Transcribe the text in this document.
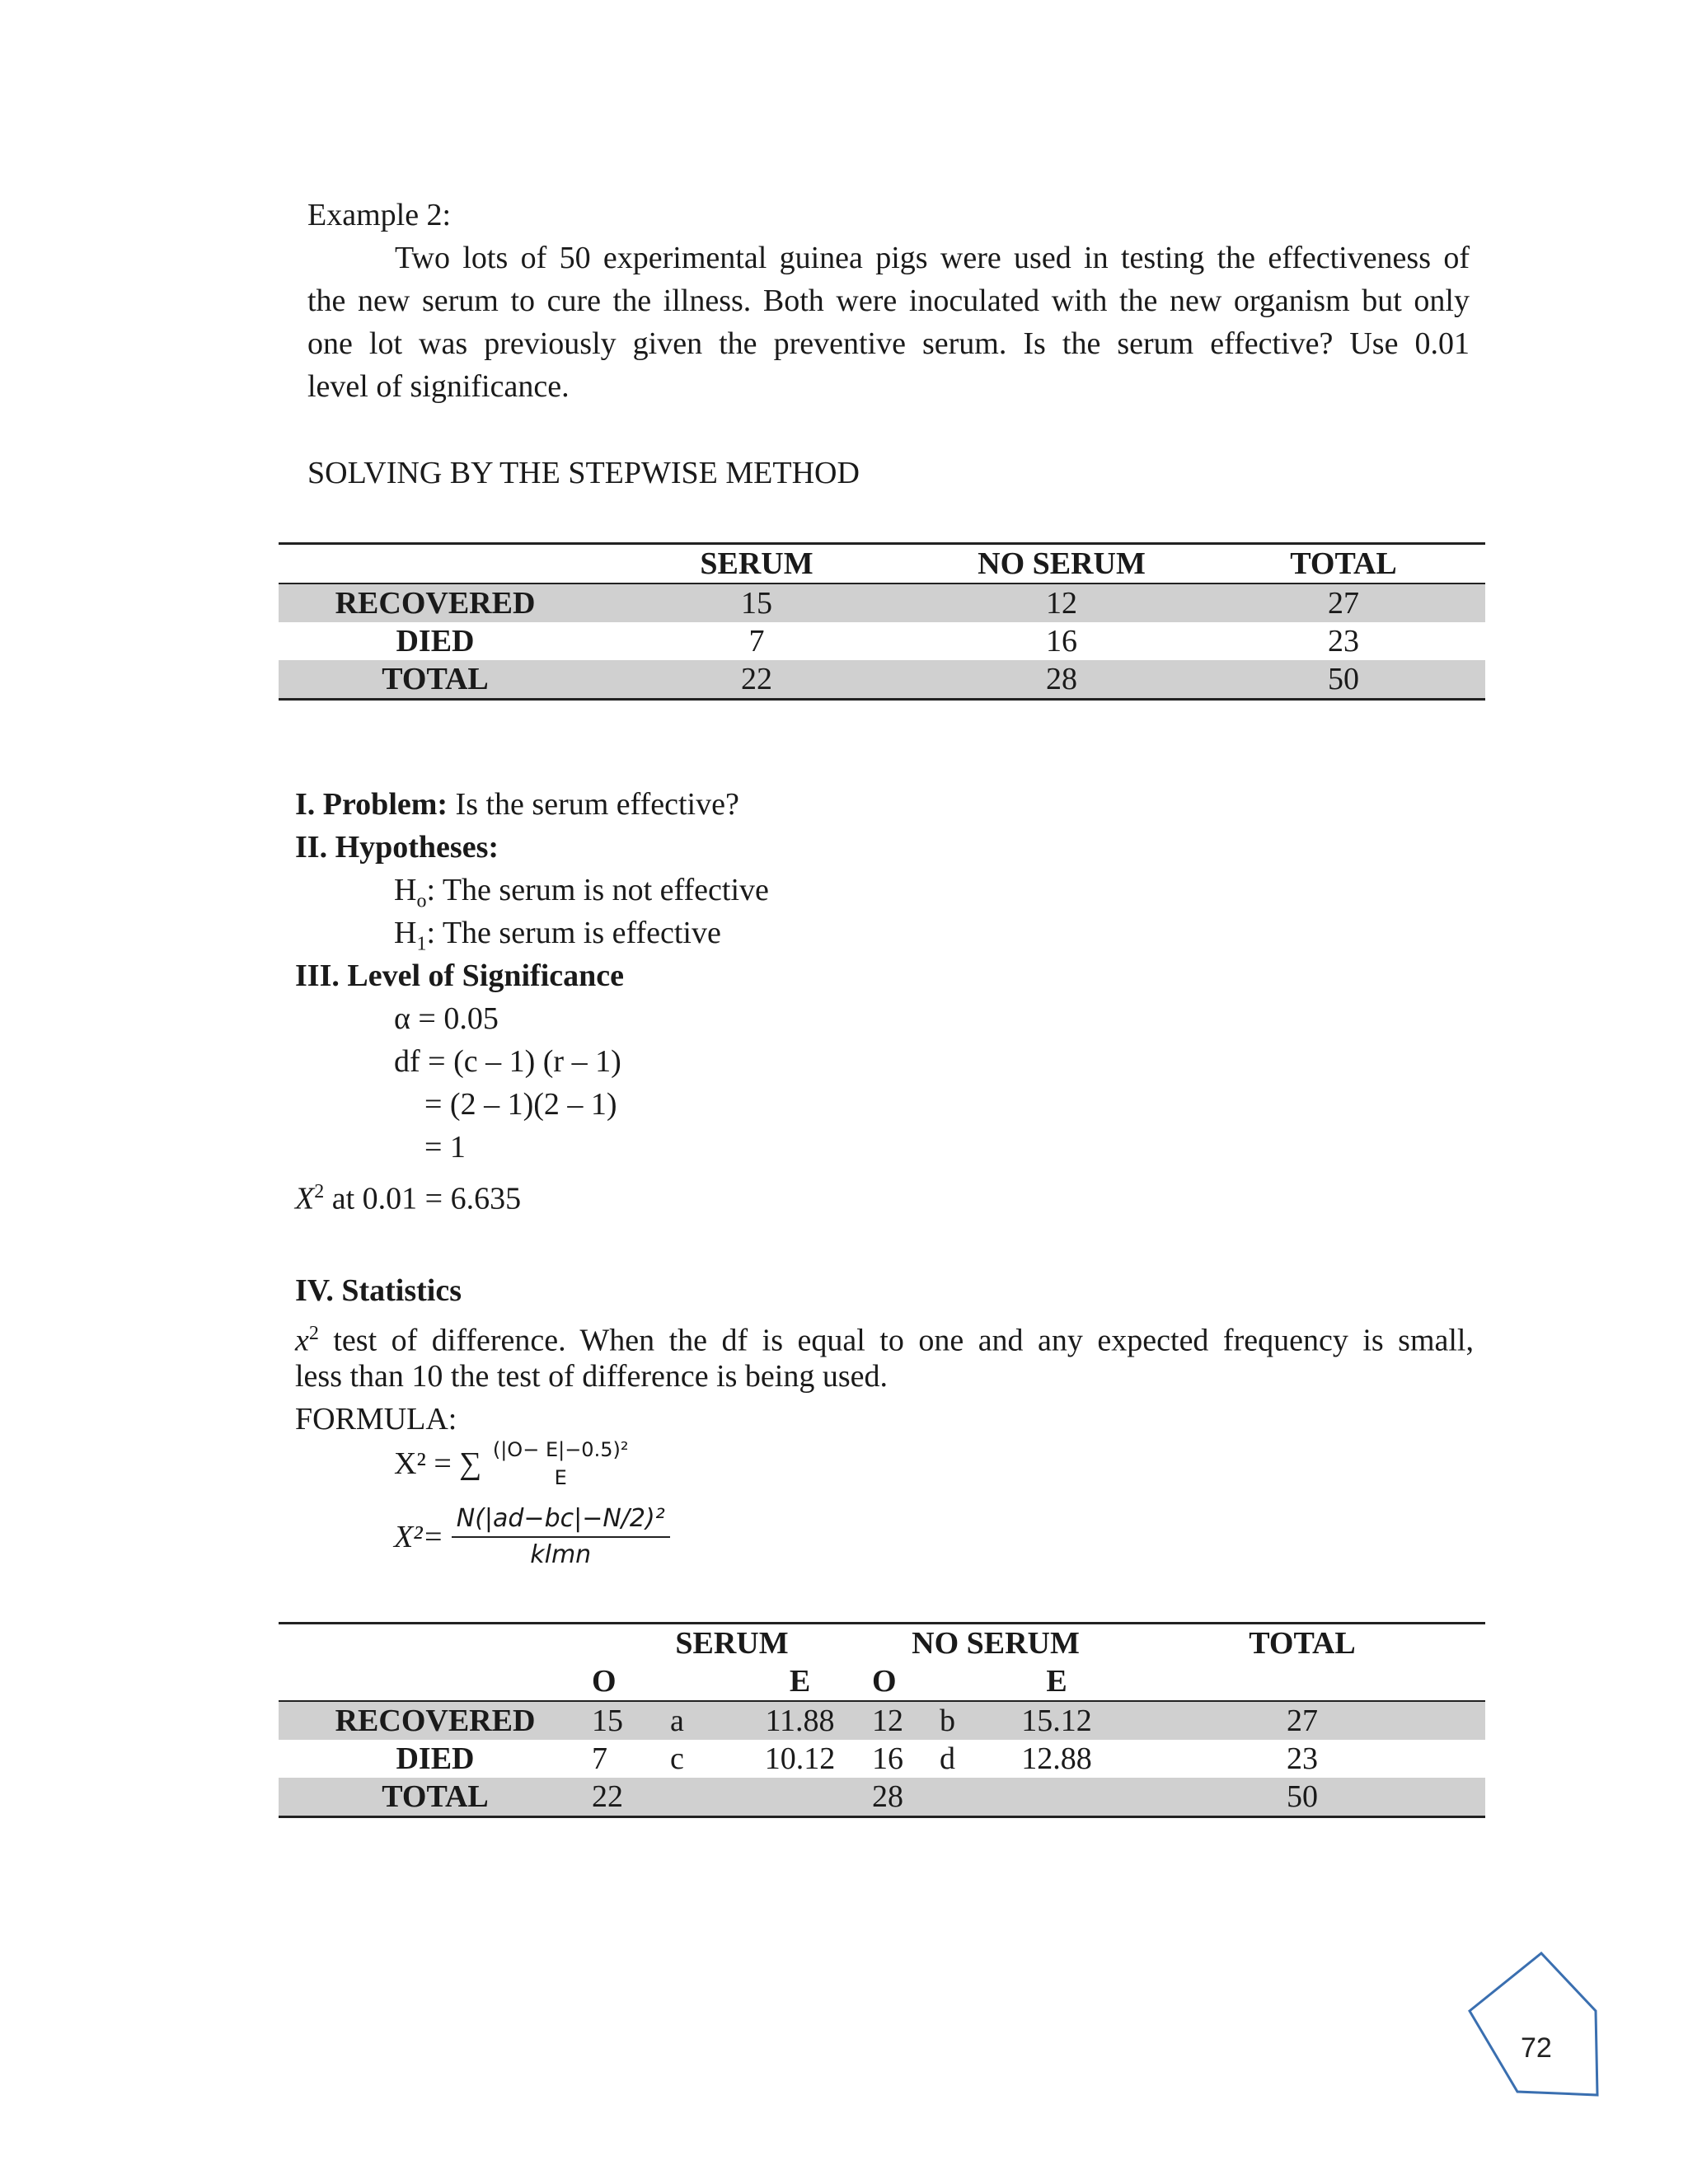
Example 2:
Two lots of 50 experimental guinea pigs were used in testing the effectiveness of
the new serum to cure the illness. Both were inoculated with the new organism but only
one lot was previously given the preventive serum. Is the serum effective? Use 0.01
level of significance.
SOLVING BY THE STEPWISE METHOD
	SERUM	NO SERUM	TOTAL
RECOVERED	15	12	27
DIED	7	16	23
TOTAL	22	28	50
I. Problem: Is the serum effective?
II. Hypotheses:
$H_o$: The serum is not effective
$H_1$: The serum is effective
III. Level of Significance
α = 0.05
df = (c – 1) (r – 1)
= (2 – 1)(2 – 1)
= 1
$X^2$ at 0.01 = 6.635
IV. Statistics
$x^2$ test of difference. When the df is equal to one and any expected frequency is small,
less than 10 the test of difference is being used.
FORMULA:
X² = ∑ (|O− E|−0.5)²
E
$X^2= \frac{\text{N(|ad−bc|−N/2)²}}{\text{klmn}}$
	SERUM			NO SERUM			TOTAL
	O		E	O		E	
RECOVERED	15	a	11.88	12	b	15.12	27
DIED	7	c	10.12	16	d	12.88	23
TOTAL	22			28			50
72
